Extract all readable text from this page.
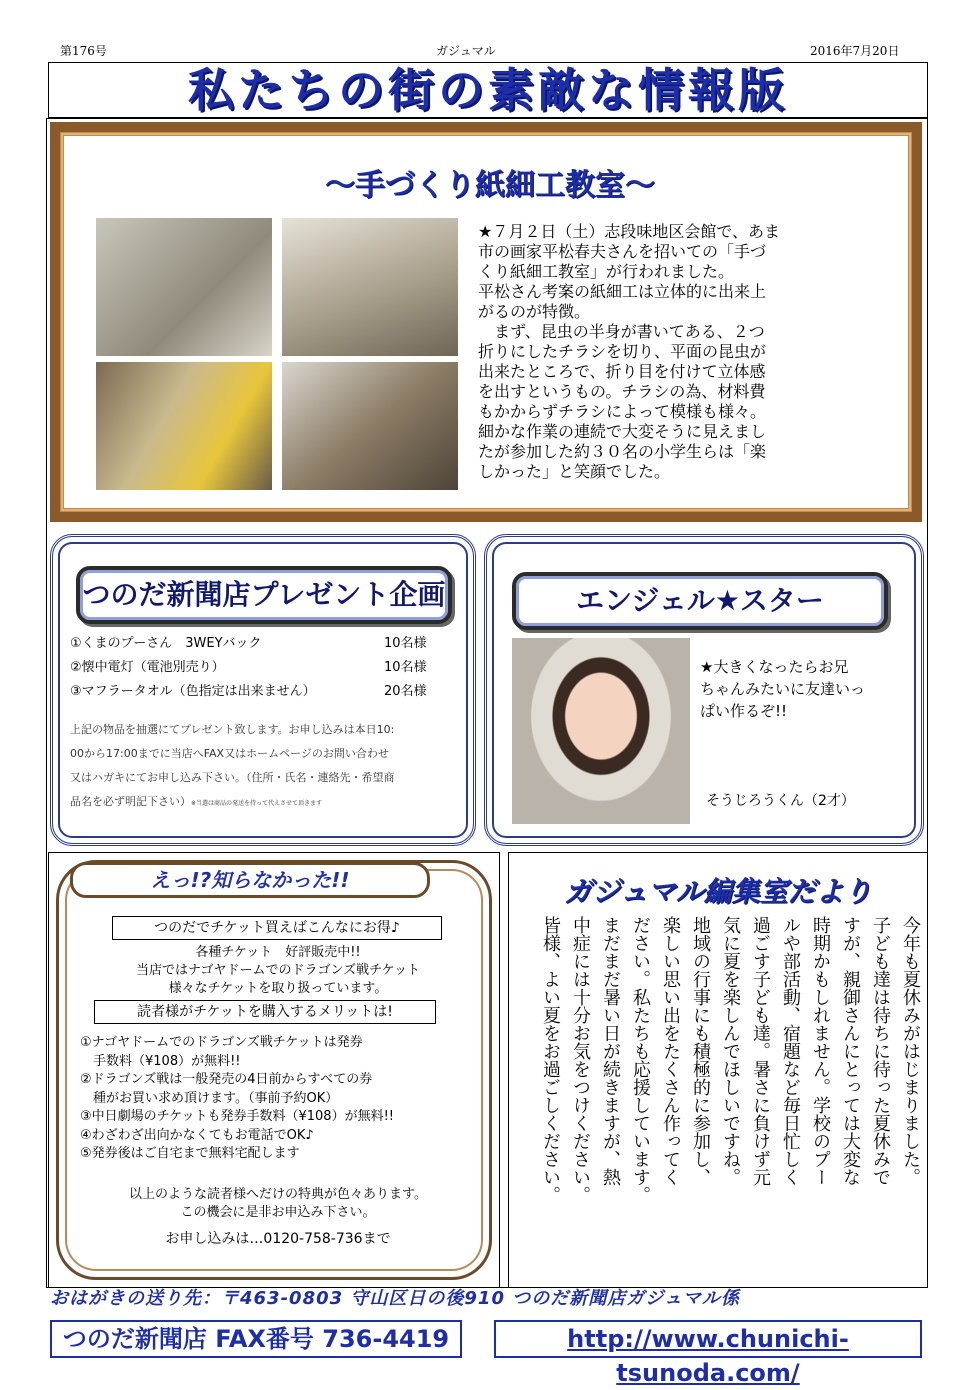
第176号	ガジュマル	2016年7月20日
私たちの街の素敵な情報版
～手づくり紙細工教室～
★７月２日（土）志段味地区会館で、あま
市の画家平松春夫さんを招いての「手づ
くり紙細工教室」が行われました。
平松さん考案の紙細工は立体的に出来上
がるのが特徴。
　まず、昆虫の半身が書いてある、２つ
折りにしたチラシを切り、平面の昆虫が
出来たところで、折り目を付けて立体感
を出すというもの。チラシの為、材料費
もかからずチラシによって模様も様々。
細かな作業の連続で大変そうに見えまし
たが参加した約３０名の小学生らは「楽
しかった」と笑顔でした。
つのだ新聞店プレゼント企画
①くまのプーさん　3WEYバック	10名様
②懐中電灯（電池別売り）	10名様
③マフラータオル（色指定は出来ません）	20名様
上記の物品を抽選にてプレゼント致します。お申し込みは本日10:
00から17:00までに当店へFAX又はホームページのお問い合わせ
又はハガキにてお申し込み下さい。（住所・氏名・連絡先・希望商
品名を必ず明記下さい）※当選は商品の発送を持って代えさせて頂きます
エンジェル★スター
★大きくなったらお兄
ちゃんみたいに友達いっ
ぱい作るぞ!!
そうじろうくん（2才）
えっ!?知らなかった!!
つのだでチケット買えばこんなにお得♪
各種チケット　好評販売中!!
当店ではナゴヤドームでのドラゴンズ戦チケット
様々なチケットを取り扱っています。
読者様がチケットを購入するメリットは!
①ナゴヤドームでのドラゴンズ戦チケットは発券
　手数料（¥108）が無料!!
②ドラゴンズ戦は一般発売の4日前からすべての券
　種がお買い求め頂けます。（事前予約OK）
③中日劇場のチケットも発券手数料（¥108）が無料!!
④わざわざ出向かなくてもお電話でOK♪
⑤発券後はご自宅まで無料宅配します
以上のような読者様へだけの特典が色々あります。
この機会に是非お申込み下さい。
お申し込みは…0120-758-736まで
ガジュマル編集室だより
今年も夏休みがはじまりました。
子ども達は待ちに待った夏休みで
すが、親御さんにとっては大変な
時期かもしれません。学校のプー
ルや部活動、宿題など毎日忙しく
過ごす子ども達。暑さに負けず元
気に夏を楽しんでほしいですね。
地域の行事にも積極的に参加し、
楽しい思い出をたくさん作ってく
ださい。私たちも応援しています。
まだまだ暑い日が続きますが、熱
中症には十分お気をつけください。
皆様、よい夏をお過ごしください。
おはがきの送り先：〒463-0803 守山区日の後910 つのだ新聞店ガジュマル係
つのだ新聞店 FAX番号 736-4419	http://www.chunichi-tsunoda.com/
